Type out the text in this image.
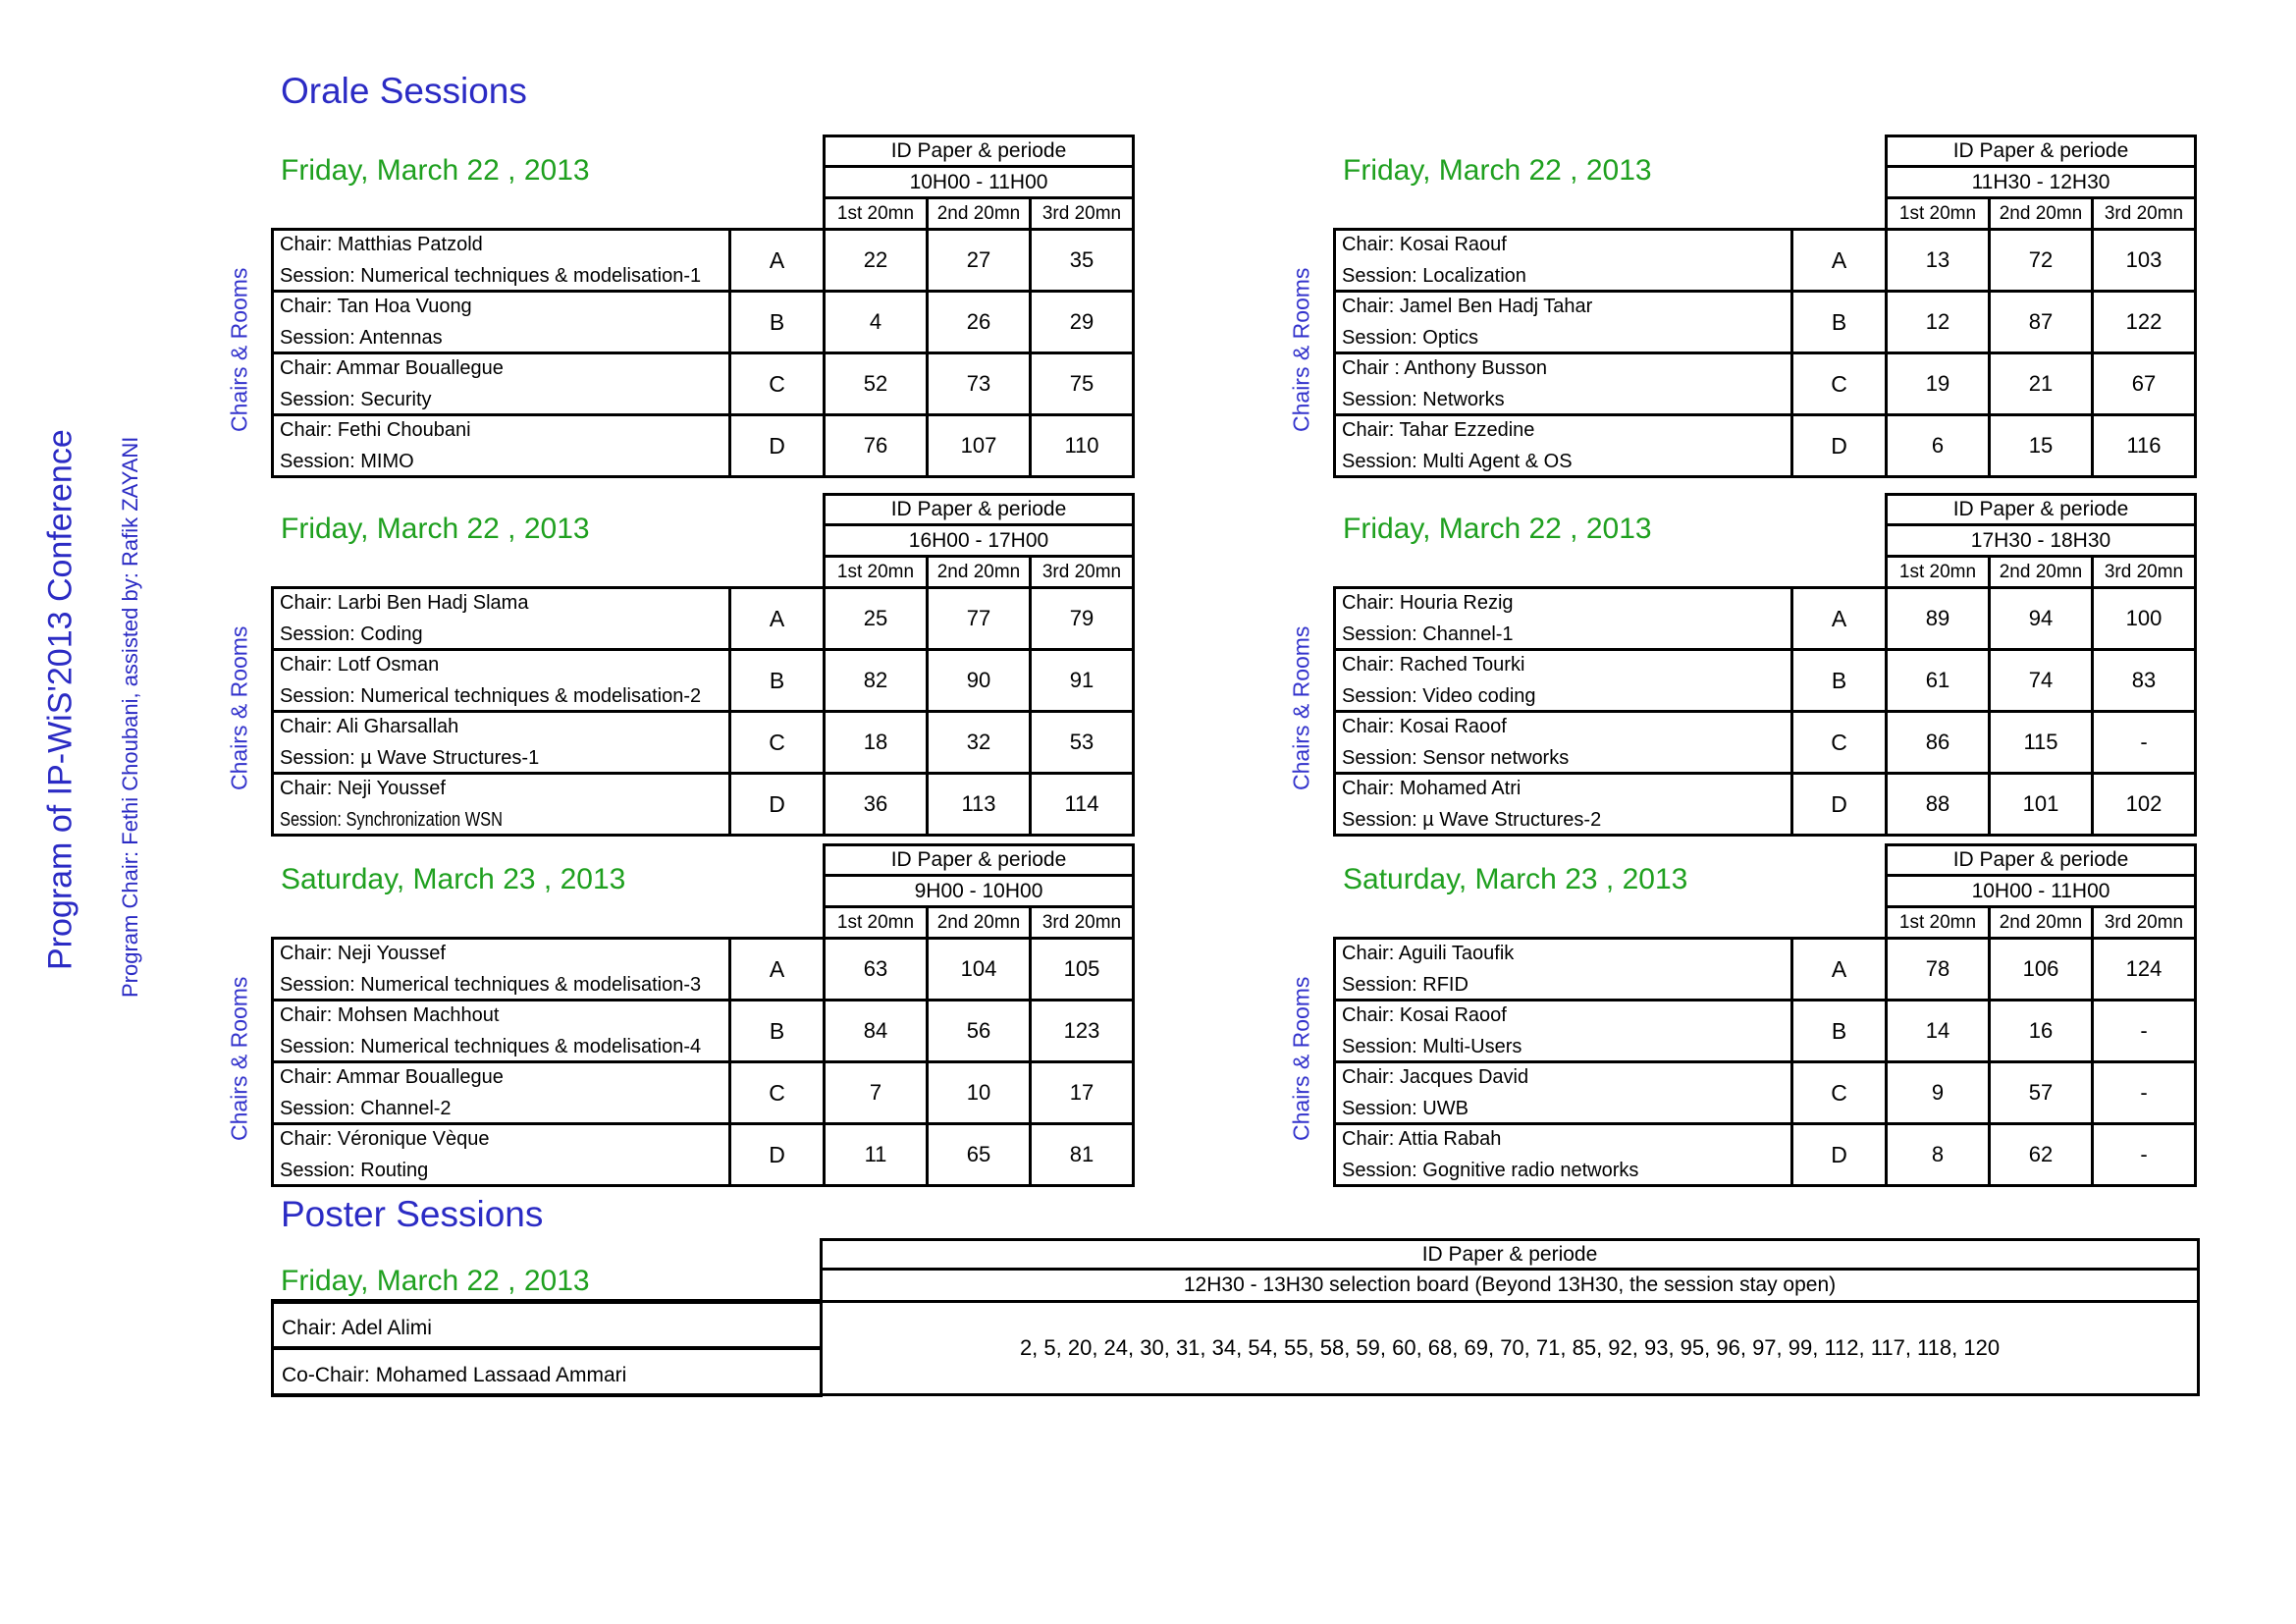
Program of IP-WiS'2013 Conference Program Chair: Fethi Choubani, assisted by: Rafik ZAYANI
Orale Sessions
Friday, March 22 , 2013
Chairs & Rooms
		ID Paper & periode		
		10H00 - 11H00		
		1st 20mn	2nd 20mn	3rd 20mn

Chair: Matthias Patzold
Session: Numerical techniques & modelisation-1	A	22	27	35

Chair: Tan Hoa Vuong
Session: Antennas	B	4	26	29

Chair: Ammar Bouallegue
Session: Security	C	52	73	75

Chair: Fethi Choubani
Session: MIMO	D	76	107	110
Friday, March 22 , 2013
Chairs & Rooms
		ID Paper & periode		
		11H30 - 12H30		
		1st 20mn	2nd 20mn	3rd 20mn

Chair: Kosai Raouf
Session: Localization	A	13	72	103

Chair: Jamel Ben Hadj Tahar
Session: Optics	B	12	87	122

Chair : Anthony Busson
Session: Networks	C	19	21	67

Chair: Tahar Ezzedine
Session: Multi Agent & OS	D	6	15	116
Friday, March 22 , 2013
Chairs & Rooms
		ID Paper & periode		
		16H00 - 17H00		
		1st 20mn	2nd 20mn	3rd 20mn

Chair: Larbi Ben Hadj Slama
Session: Coding	A	25	77	79

Chair: Lotf Osman
Session: Numerical techniques & modelisation-2	B	82	90	91

Chair: Ali Gharsallah
Session: µ Wave Structures-1	C	18	32	53

Chair: Neji Youssef
Session: Synchronization WSN	D	36	113	114
Friday, March 22 , 2013
Chairs & Rooms
		ID Paper & periode		
		17H30 - 18H30		
		1st 20mn	2nd 20mn	3rd 20mn

Chair: Houria Rezig
Session: Channel-1	A	89	94	100

Chair: Rached Tourki
Session: Video coding	B	61	74	83

Chair: Kosai Raoof
Session: Sensor networks	C	86	115	-

Chair: Mohamed Atri
Session: µ Wave Structures-2	D	88	101	102
Saturday, March 23 , 2013
Chairs & Rooms
		ID Paper & periode		
		9H00 - 10H00		
		1st 20mn	2nd 20mn	3rd 20mn

Chair: Neji Youssef
Session: Numerical techniques & modelisation-3	A	63	104	105

Chair: Mohsen Machhout
Session: Numerical techniques & modelisation-4	B	84	56	123

Chair: Ammar Bouallegue
Session: Channel-2	C	7	10	17

Chair: Véronique Vèque
Session: Routing	D	11	65	81
Saturday, March 23 , 2013
Chairs & Rooms
		ID Paper & periode		
		10H00 - 11H00		
		1st 20mn	2nd 20mn	3rd 20mn

Chair: Aguili Taoufik
Session: RFID	A	78	106	124

Chair: Kosai Raoof
Session: Multi-Users	B	14	16	-

Chair: Jacques David
Session: UWB	C	9	57	-

Chair: Attia Rabah
Session: Gognitive radio networks	D	8	62	-
Poster Sessions
Friday, March 22 , 2013
	ID Paper & periode
	12H30 - 13H30 selection board (Beyond 13H30, the session stay open)
Chair: Adel Alimi	2, 5, 20, 24, 30, 31, 34, 54, 55, 58, 59, 60, 68, 69, 70, 71, 85, 92, 93, 95, 96, 97, 99, 112, 117, 118, 120
Co-Chair: Mohamed Lassaad Ammari	
